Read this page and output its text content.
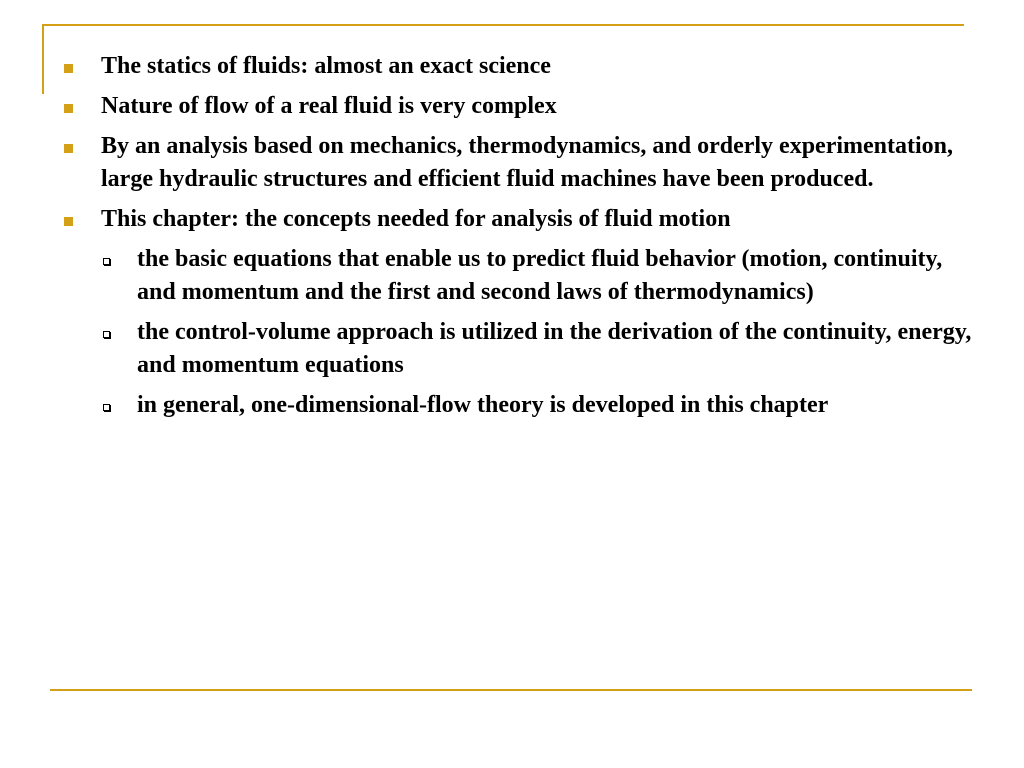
The statics of fluids: almost an exact science
Nature of flow of a real fluid is very complex
By an analysis based on mechanics, thermodynamics, and orderly experimentation, large hydraulic structures and efficient fluid machines have been produced.
This chapter: the concepts needed for analysis of fluid motion
the basic equations that enable us to predict fluid behavior (motion, continuity, and momentum and the first and second laws of thermodynamics)
the control-volume approach is utilized in the derivation of the continuity, energy, and momentum equations
in general, one-dimensional-flow theory is developed in this chapter
